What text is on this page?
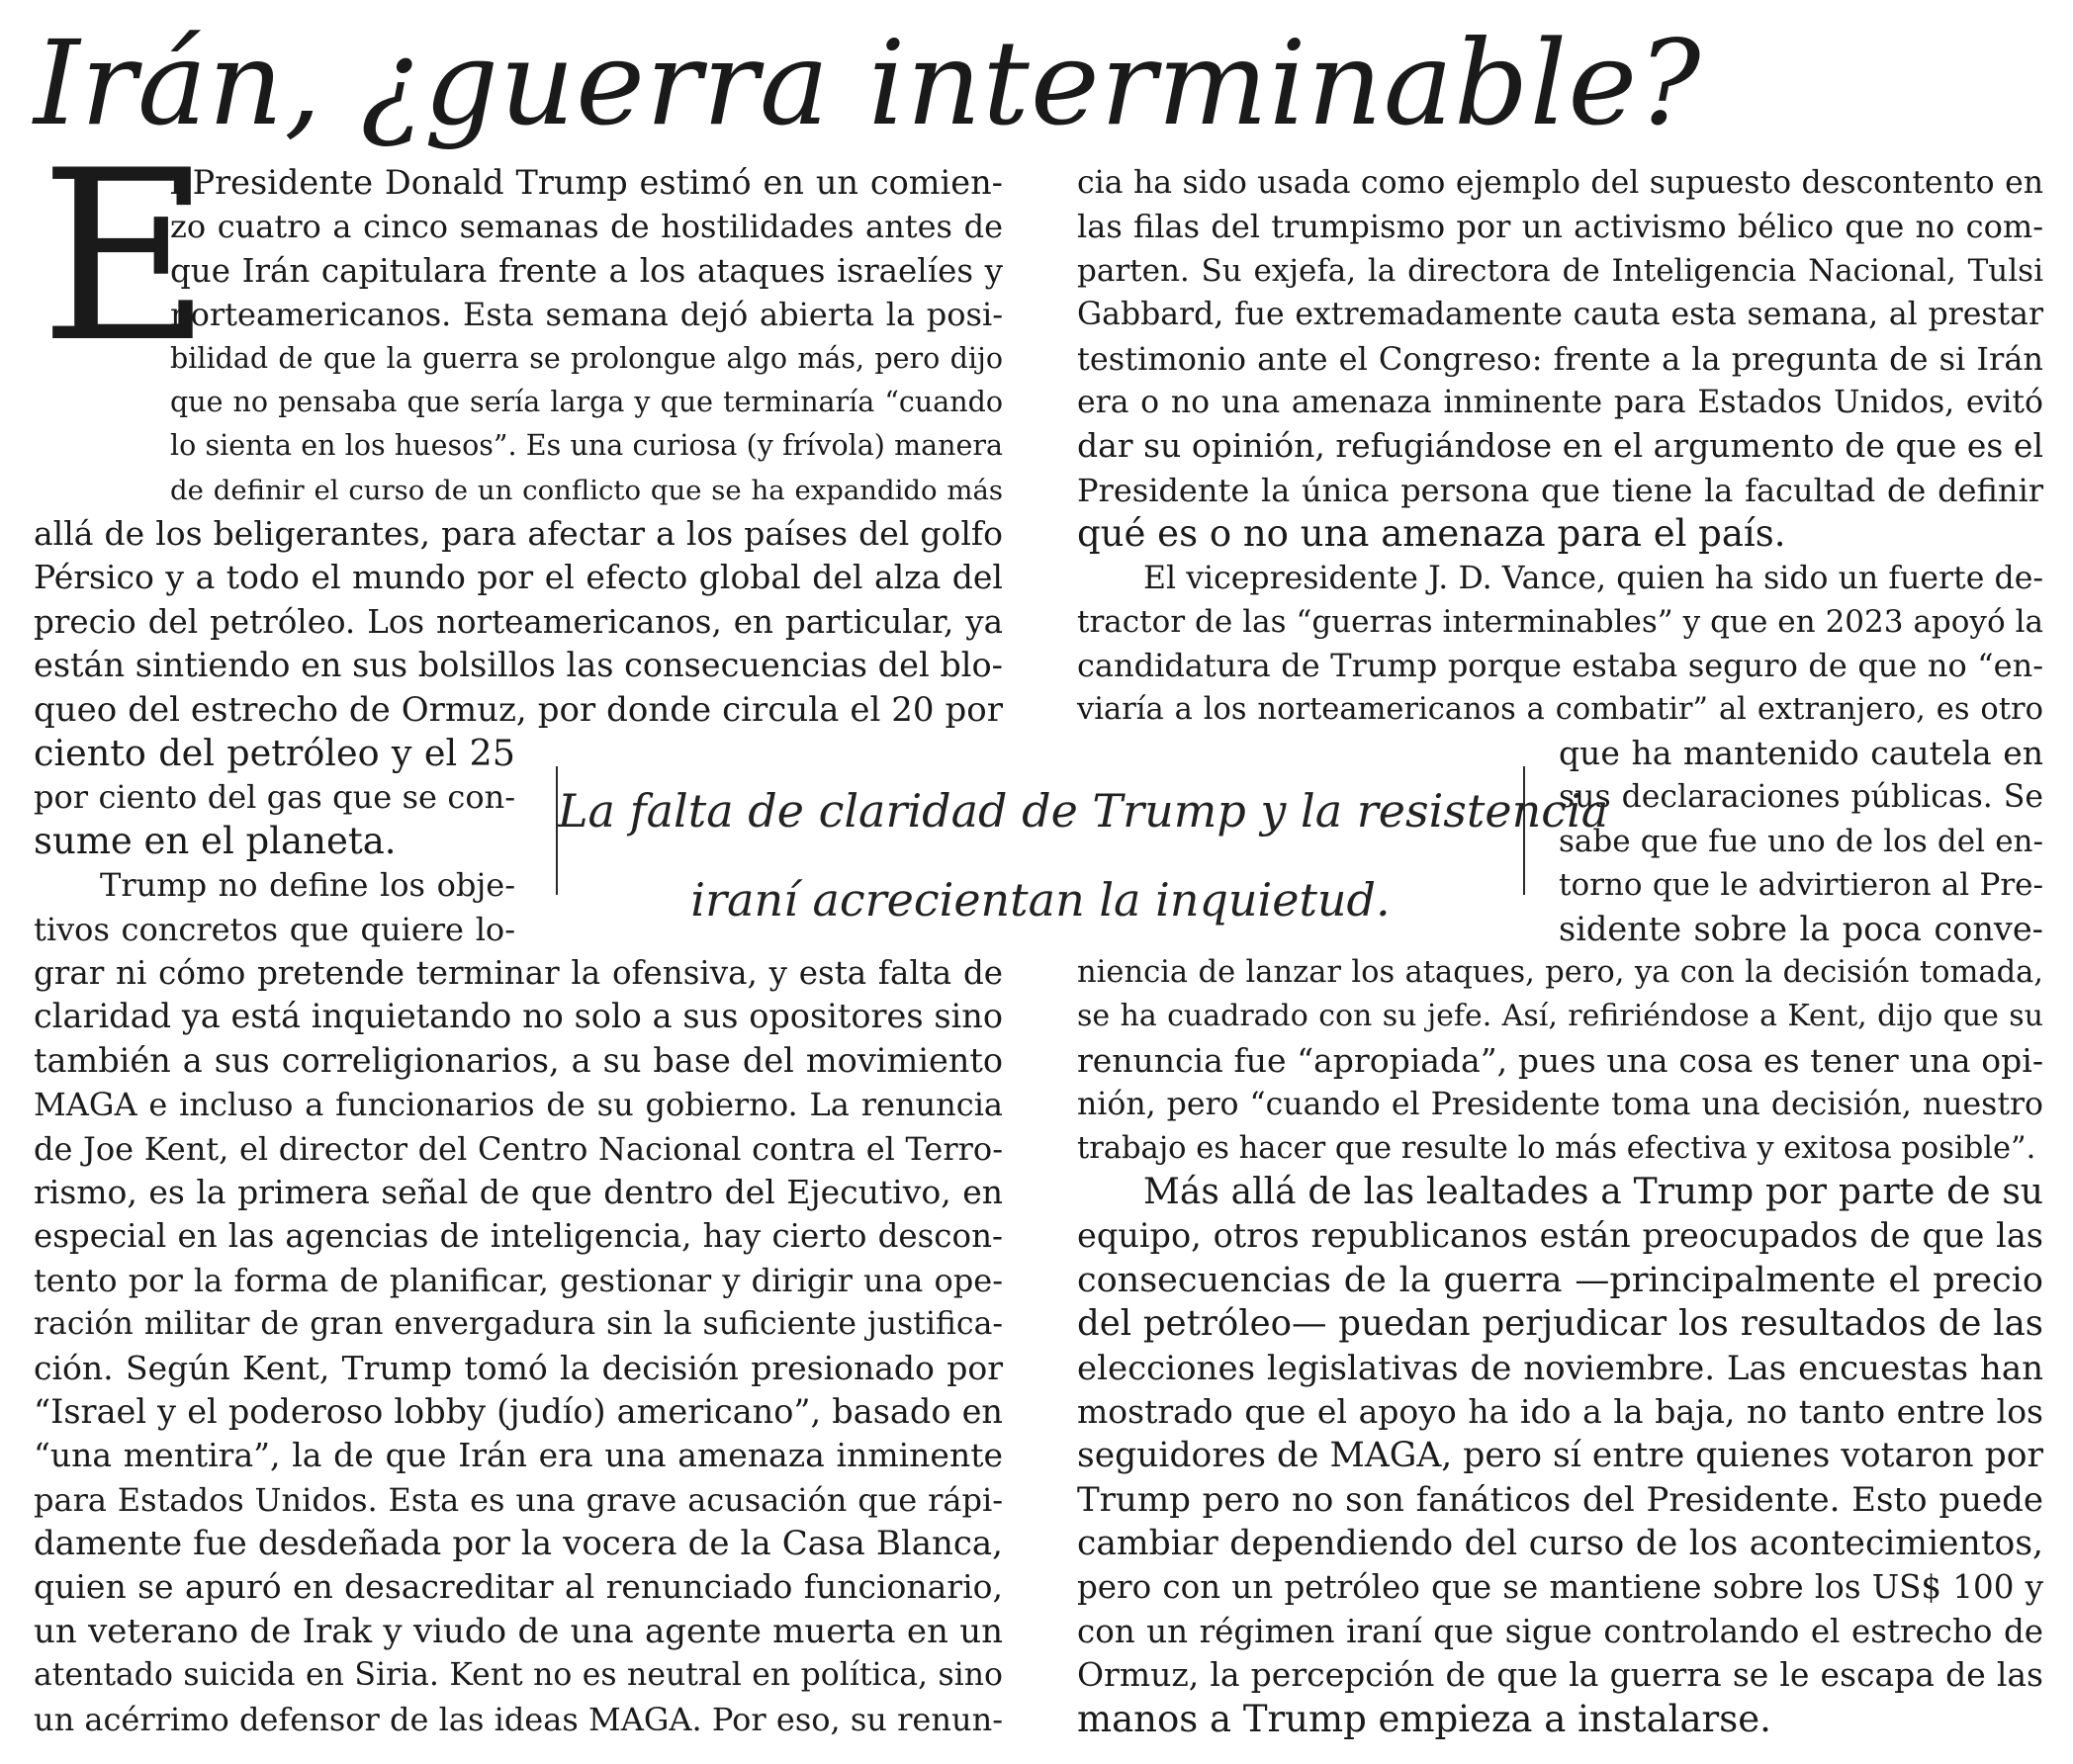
Irán, ¿guerra interminable?
E
l Presidente Donald Trump estimó en un comien-
zo cuatro a cinco semanas de hostilidades antes de
que Irán capitulara frente a los ataques israelíes y
norteamericanos. Esta semana dejó abierta la posi-
bilidad de que la guerra se prolongue algo más, pero dijo
que no pensaba que sería larga y que terminaría “cuando
lo sienta en los huesos”. Es una curiosa (y frívola) manera
de definir el curso de un conflicto que se ha expandido más
allá de los beligerantes, para afectar a los países del golfo
Pérsico y a todo el mundo por el efecto global del alza del
precio del petróleo. Los norteamericanos, en particular, ya
están sintiendo en sus bolsillos las consecuencias del blo-
queo del estrecho de Ormuz, por donde circula el 20 por
ciento del petróleo y el 25
por ciento del gas que se con-
sume en el planeta.
Trump no define los obje-
tivos concretos que quiere lo-
grar ni cómo pretende terminar la ofensiva, y esta falta de
claridad ya está inquietando no solo a sus opositores sino
también a sus correligionarios, a su base del movimiento
MAGA e incluso a funcionarios de su gobierno. La renuncia
de Joe Kent, el director del Centro Nacional contra el Terro-
rismo, es la primera señal de que dentro del Ejecutivo, en
especial en las agencias de inteligencia, hay cierto descon-
tento por la forma de planificar, gestionar y dirigir una ope-
ración militar de gran envergadura sin la suficiente justifica-
ción. Según Kent, Trump tomó la decisión presionado por
“Israel y el poderoso lobby (judío) americano”, basado en
“una mentira”, la de que Irán era una amenaza inminente
para Estados Unidos. Esta es una grave acusación que rápi-
damente fue desdeñada por la vocera de la Casa Blanca,
quien se apuró en desacreditar al renunciado funcionario,
un veterano de Irak y viudo de una agente muerta en un
atentado suicida en Siria. Kent no es neutral en política, sino
un acérrimo defensor de las ideas MAGA. Por eso, su renun-
cia ha sido usada como ejemplo del supuesto descontento en
las filas del trumpismo por un activismo bélico que no com-
parten. Su exjefa, la directora de Inteligencia Nacional, Tulsi
Gabbard, fue extremadamente cauta esta semana, al prestar
testimonio ante el Congreso: frente a la pregunta de si Irán
era o no una amenaza inminente para Estados Unidos, evitó
dar su opinión, refugiándose en el argumento de que es el
Presidente la única persona que tiene la facultad de definir
qué es o no una amenaza para el país.
El vicepresidente J. D. Vance, quien ha sido un fuerte de-
tractor de las “guerras interminables” y que en 2023 apoyó la
candidatura de Trump porque estaba seguro de que no “en-
viaría a los norteamericanos a combatir” al extranjero, es otro
que ha mantenido cautela en
sus declaraciones públicas. Se
sabe que fue uno de los del en-
torno que le advirtieron al Pre-
sidente sobre la poca conve-
niencia de lanzar los ataques, pero, ya con la decisión tomada,
se ha cuadrado con su jefe. Así, refiriéndose a Kent, dijo que su
renuncia fue “apropiada”, pues una cosa es tener una opi-
nión, pero “cuando el Presidente toma una decisión, nuestro
trabajo es hacer que resulte lo más efectiva y exitosa posible”.
Más allá de las lealtades a Trump por parte de su
equipo, otros republicanos están preocupados de que las
consecuencias de la guerra —principalmente el precio
del petróleo— puedan perjudicar los resultados de las
elecciones legislativas de noviembre. Las encuestas han
mostrado que el apoyo ha ido a la baja, no tanto entre los
seguidores de MAGA, pero sí entre quienes votaron por
Trump pero no son fanáticos del Presidente. Esto puede
cambiar dependiendo del curso de los acontecimientos,
pero con un petróleo que se mantiene sobre los US$ 100 y
con un régimen iraní que sigue controlando el estrecho de
Ormuz, la percepción de que la guerra se le escapa de las
manos a Trump empieza a instalarse.
La falta de claridad de Trump y la resistencia
iraní acrecientan la inquietud.
